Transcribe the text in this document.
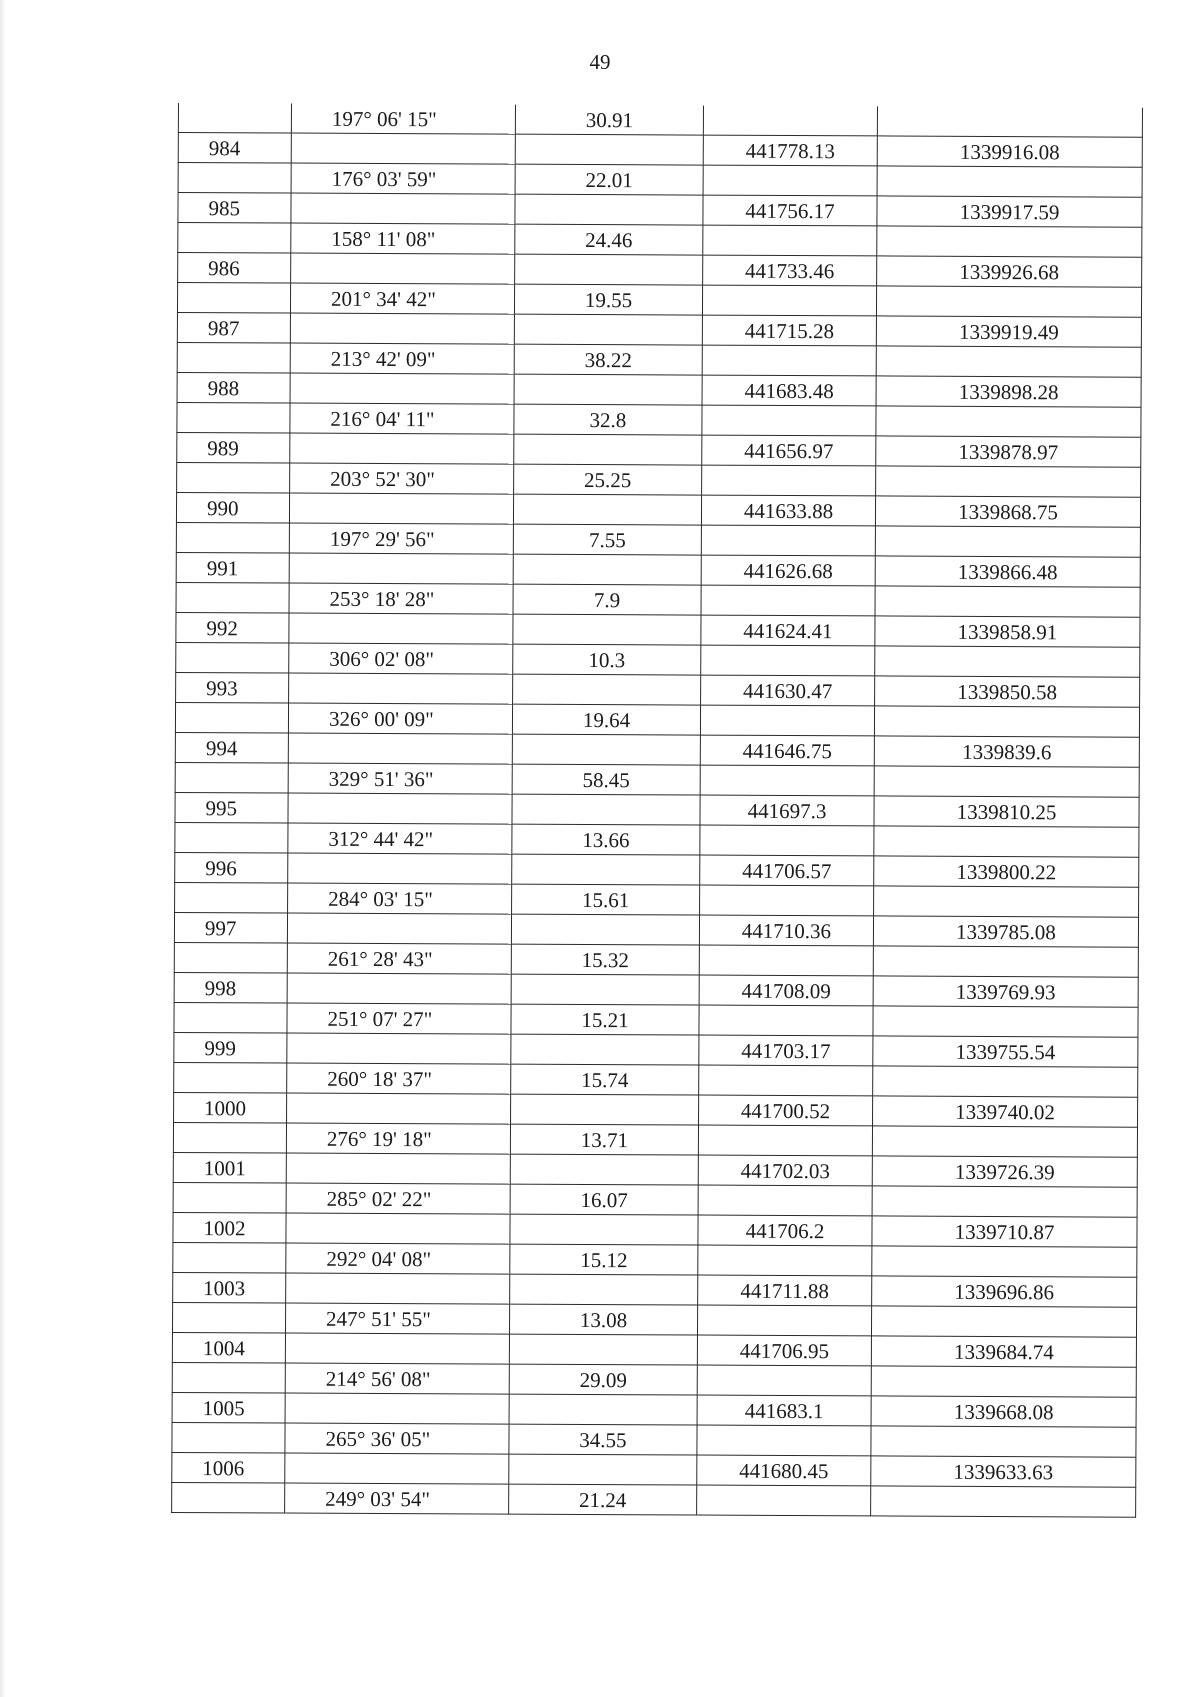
49
	197° 06' 15"	30.91		
984			441778.13	1339916.08
	176° 03' 59"	22.01		
985			441756.17	1339917.59
	158° 11' 08"	24.46		
986			441733.46	1339926.68
	201° 34' 42"	19.55		
987			441715.28	1339919.49
	213° 42' 09"	38.22		
988			441683.48	1339898.28
	216° 04' 11"	32.8		
989			441656.97	1339878.97
	203° 52' 30"	25.25		
990			441633.88	1339868.75
	197° 29' 56"	7.55		
991			441626.68	1339866.48
	253° 18' 28"	7.9		
992			441624.41	1339858.91
	306° 02' 08"	10.3		
993			441630.47	1339850.58
	326° 00' 09"	19.64		
994			441646.75	1339839.6
	329° 51' 36"	58.45		
995			441697.3	1339810.25
	312° 44' 42"	13.66		
996			441706.57	1339800.22
	284° 03' 15"	15.61		
997			441710.36	1339785.08
	261° 28' 43"	15.32		
998			441708.09	1339769.93
	251° 07' 27"	15.21		
999			441703.17	1339755.54
	260° 18' 37"	15.74		
1000			441700.52	1339740.02
	276° 19' 18"	13.71		
1001			441702.03	1339726.39
	285° 02' 22"	16.07		
1002			441706.2	1339710.87
	292° 04' 08"	15.12		
1003			441711.88	1339696.86
	247° 51' 55"	13.08		
1004			441706.95	1339684.74
	214° 56' 08"	29.09		
1005			441683.1	1339668.08
	265° 36' 05"	34.55		
1006			441680.45	1339633.63
	249° 03' 54"	21.24		
